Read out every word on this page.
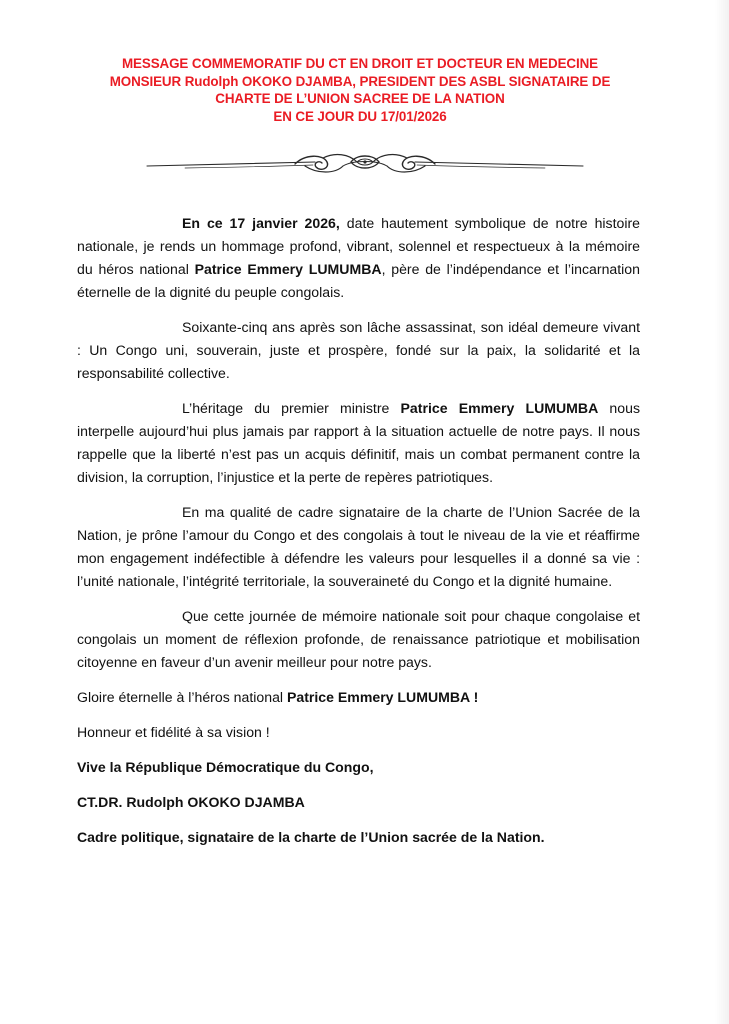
MESSAGE COMMEMORATIF DU CT EN DROIT ET DOCTEUR EN MEDECINE
MONSIEUR Rudolph OKOKO DJAMBA, PRESIDENT DES ASBL SIGNATAIRE DE
CHARTE DE L’UNION SACREE DE LA NATION
EN CE JOUR DU 17/01/2026

En ce 17 janvier 2026, date hautement symbolique de notre histoire nationale, je rends un hommage profond, vibrant, solennel et respectueux à la mémoire du héros national Patrice Emmery LUMUMBA, père de l’indépendance et l’incarnation éternelle de la dignité du peuple congolais.

Soixante-cinq ans après son lâche assassinat, son idéal demeure vivant : Un Congo uni, souverain, juste et prospère, fondé sur la paix, la solidarité et la responsabilité collective.

L’héritage du premier ministre Patrice Emmery LUMUMBA nous interpelle aujourd’hui plus jamais par rapport à la situation actuelle de notre pays. Il nous rappelle que la liberté n’est pas un acquis définitif, mais un combat permanent contre la division, la corruption, l’injustice et la perte de repères patriotiques.

En ma qualité de cadre signataire de la charte de l’Union Sacrée de la Nation, je prône l’amour du Congo et des congolais à tout le niveau de la vie et réaffirme mon engagement indéfectible à défendre les valeurs pour lesquelles il a donné sa vie : l’unité nationale, l’intégrité territoriale, la souveraineté du Congo et la dignité humaine.

Que cette journée de mémoire nationale soit pour chaque congolaise et congolais un moment de réflexion profonde, de renaissance patriotique et mobilisation citoyenne en faveur d’un avenir meilleur pour notre pays.

Gloire éternelle à l’héros national Patrice Emmery LUMUMBA !

Honneur et fidélité à sa vision !

Vive la République Démocratique du Congo,

CT.DR. Rudolph OKOKO DJAMBA

Cadre politique, signataire de la charte de l’Union sacrée de la Nation.
